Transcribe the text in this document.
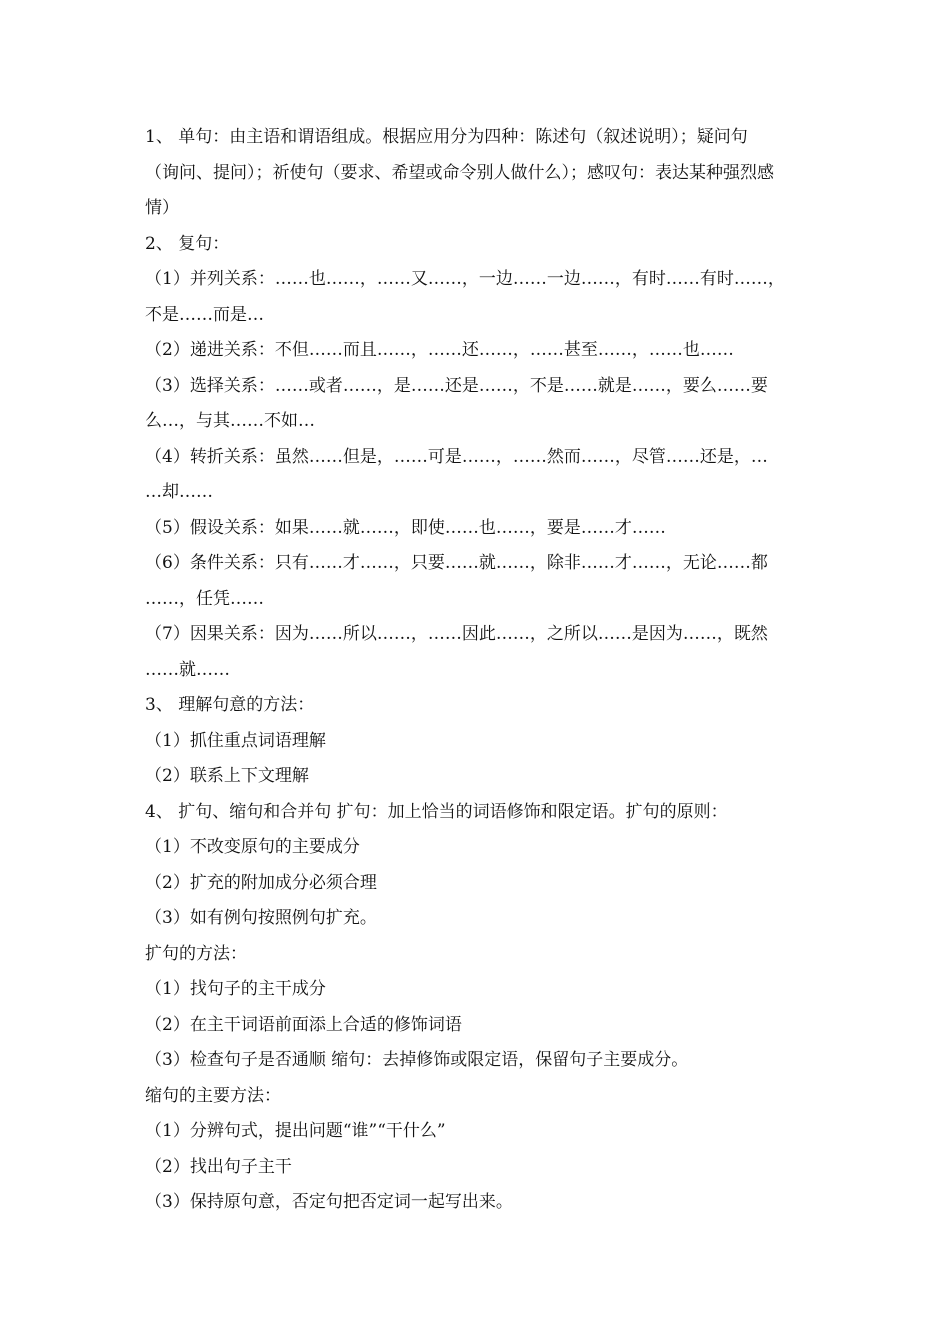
1、 单句：由主语和谓语组成。根据应用分为四种：陈述句（叙述说明）；疑问句
（询问、提问）；祈使句（要求、希望或命令别人做什么）；感叹句：表达某种强烈感
情）
2、 复句：
（1）并列关系：……也……，……又……，一边……一边……，有时……有时……，
不是……而是…
（2）递进关系：不但……而且……，……还……，……甚至……，……也……
（3）选择关系：……或者……，是……还是……，不是……就是……，要么……要
么…，与其……不如…
（4）转折关系：虽然……但是，……可是……，……然而……，尽管……还是，…
…却……
（5）假设关系：如果……就……，即使……也……，要是……才……
（6）条件关系：只有……才……，只要……就……，除非……才……，无论……都
……，任凭……
（7）因果关系：因为……所以……，……因此……，之所以……是因为……，既然
……就……
3、 理解句意的方法：
（1）抓住重点词语理解
（2）联系上下文理解
4、 扩句、缩句和合并句 扩句：加上恰当的词语修饰和限定语。扩句的原则：
（1）不改变原句的主要成分
（2）扩充的附加成分必须合理
（3）如有例句按照例句扩充。
扩句的方法：
（1）找句子的主干成分
（2）在主干词语前面添上合适的修饰词语
（3）检查句子是否通顺 缩句：去掉修饰或限定语，保留句子主要成分。
缩句的主要方法：
（1）分辨句式，提出问题“谁”“干什么”
（2）找出句子主干
（3）保持原句意，否定句把否定词一起写出来。
